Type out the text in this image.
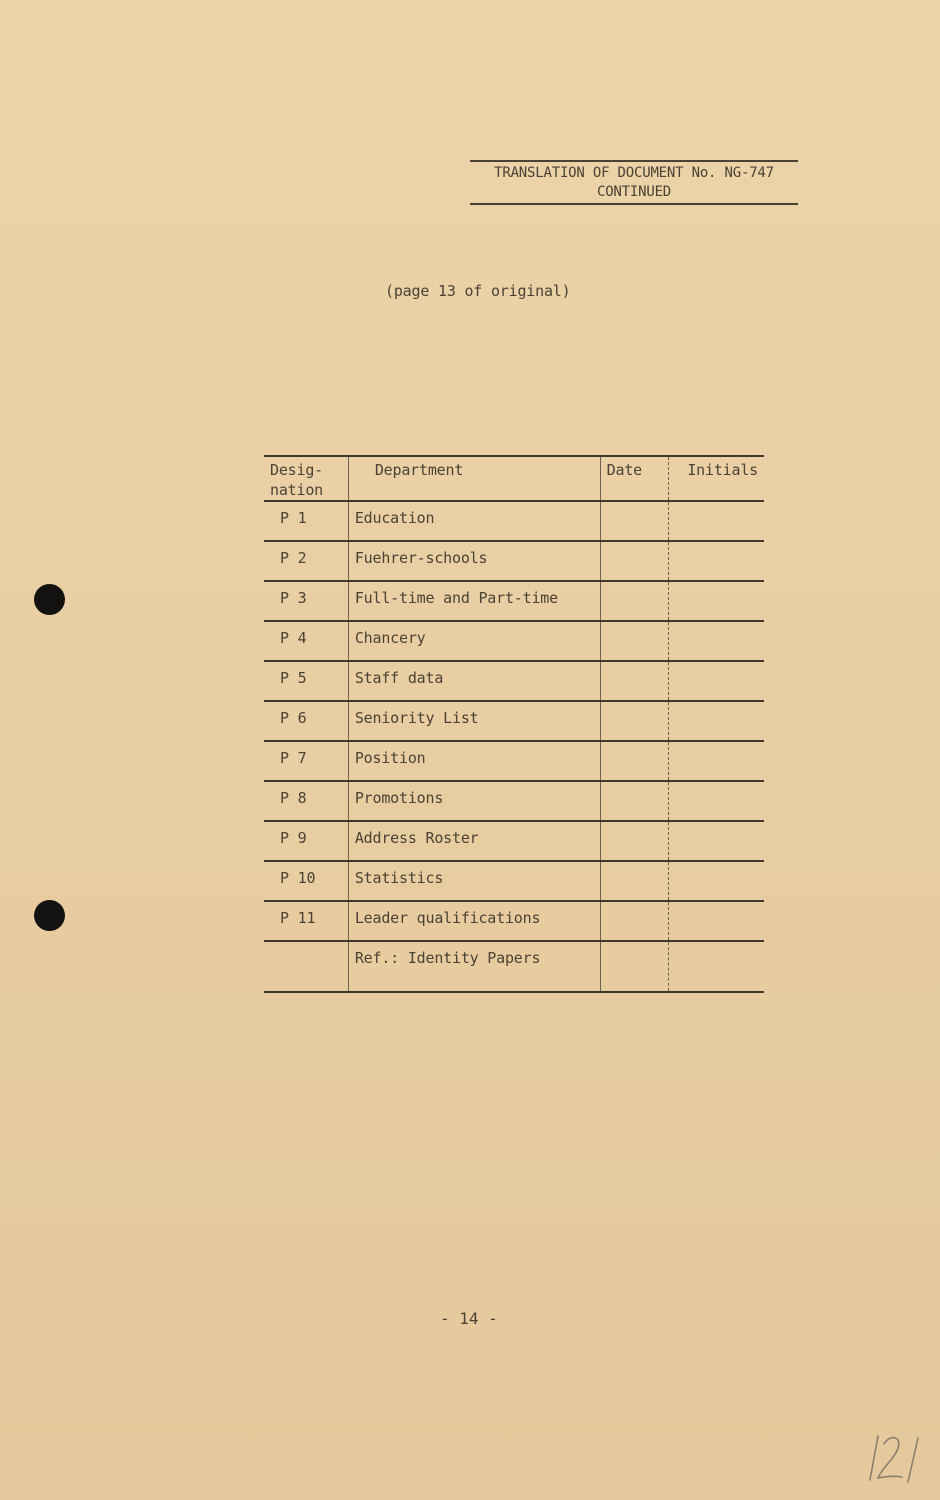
TRANSLATION OF DOCUMENT No. NG-747
CONTINUED
(page 13 of original)
Desig-
nation	Department	Date	Initials
P 1	Education		
P 2	Fuehrer-schools		
P 3	Full-time and Part-time		
P 4	Chancery		
P 5	Staff data		
P 6	Seniority List		
P 7	Position		
P 8	Promotions		
P 9	Address Roster		
P 10	Statistics		
P 11	Leader qualifications		
	Ref.: Identity Papers		
- 14 -
